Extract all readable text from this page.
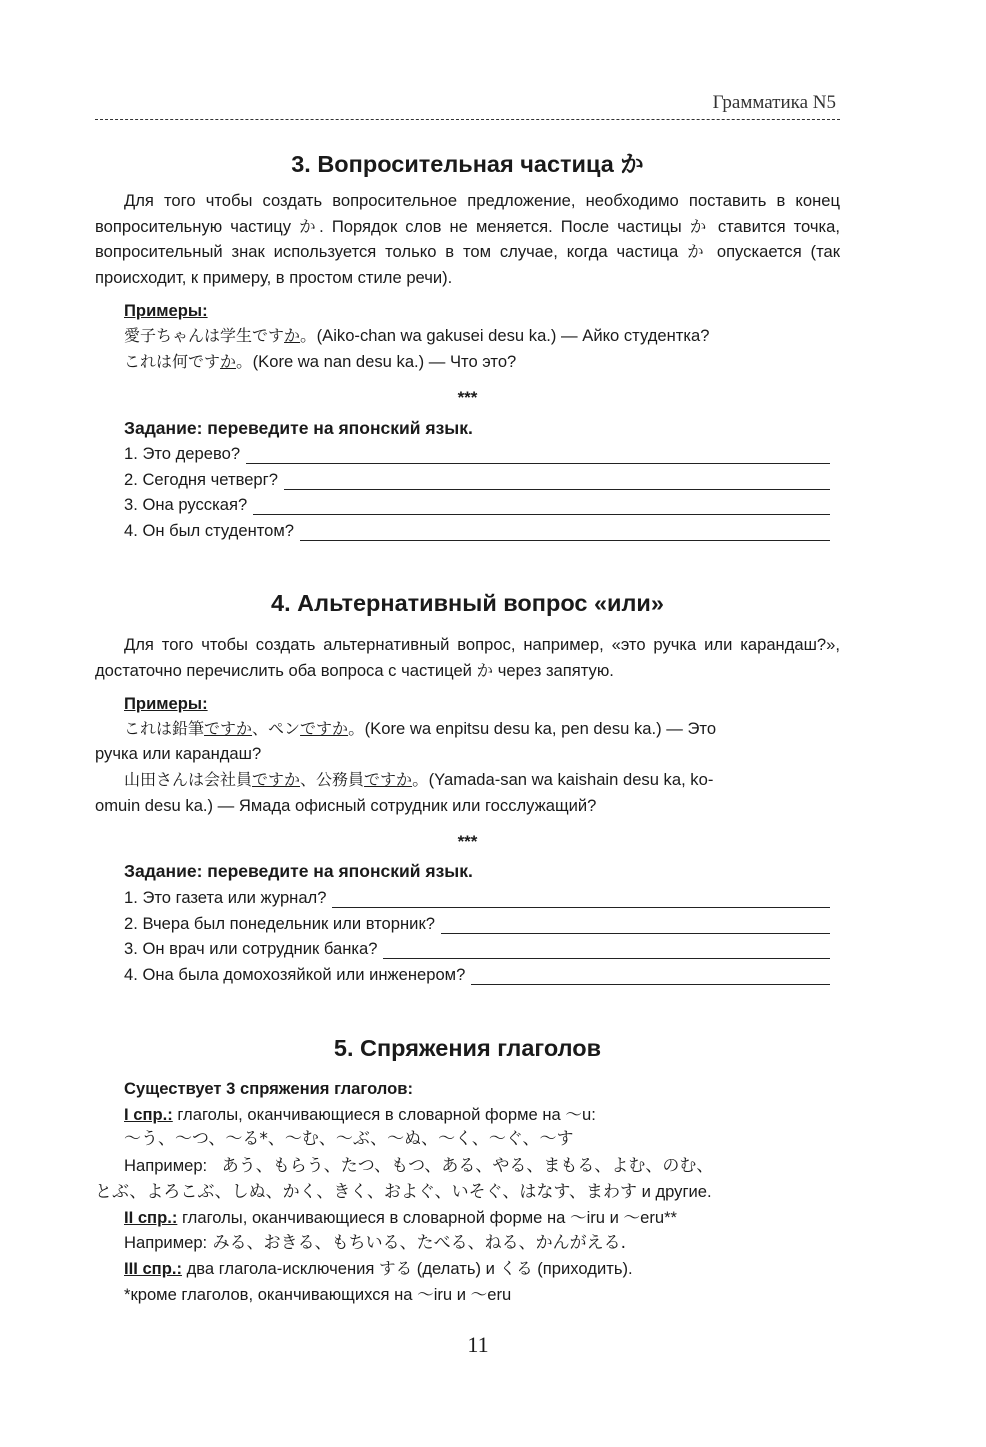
Грамматика N5
3. Вопросительная частица か
Для того чтобы создать вопросительное предложение, необходимо поставить в конец вопросительную частицу か. Порядок слов не меняется. После частицы か ставится точка, вопросительный знак используется только в том случае, когда частица か опускается (так происходит, к примеру, в простом стиле речи).
Примеры:
愛子ちゃんは学生ですか。(Aiko-chan wa gakusei desu ka.) — Айко студентка?
これは何ですか。(Kore wa nan desu ka.) — Что это?
***
Задание: переведите на японский язык.
1. Это дерево?
2. Сегодня четверг?
3. Она русская?
4. Он был студентом?
4. Альтернативный вопрос «или»
Для того чтобы создать альтернативный вопрос, например, «это ручка или карандаш?», достаточно перечислить оба вопроса с частицей か через запятую.
Примеры:
これは鉛筆ですか、ペンですか。(Kore wa enpitsu desu ka, pen desu ka.) — Это
ручка или карандаш?
山田さんは会社員ですか、公務員ですか。(Yamada-san wa kaishain desu ka, ko-
omuin desu ka.) — Ямада офисный сотрудник или госслужащий?
***
Задание: переведите на японский язык.
1. Это газета или журнал?
2. Вчера был понедельник или вторник?
3. Он врач или сотрудник банка?
4. Она была домохозяйкой или инженером?
5. Спряжения глаголов
Существует 3 спряжения глаголов:
I спр.: глаголы, оканчивающиеся в словарной форме на ～u:
～う、～つ、～る*、～む、～ぶ、～ぬ、～く、～ぐ、～す
Например: あう、もらう、たつ、もつ、ある、やる、まもる、よむ、のむ、
とぶ、よろこぶ、しぬ、かく、きく、およぐ、いそぐ、はなす、まわす и другие.
II спр.: глаголы, оканчивающиеся в словарной форме на ～iru и ～eru**
Например: みる、おきる、もちいる、たべる、ねる、かんがえる.
III спр.: два глагола-исключения する (делать) и くる (приходить).
*кроме глаголов, оканчивающихся на ～iru и ～eru
11
